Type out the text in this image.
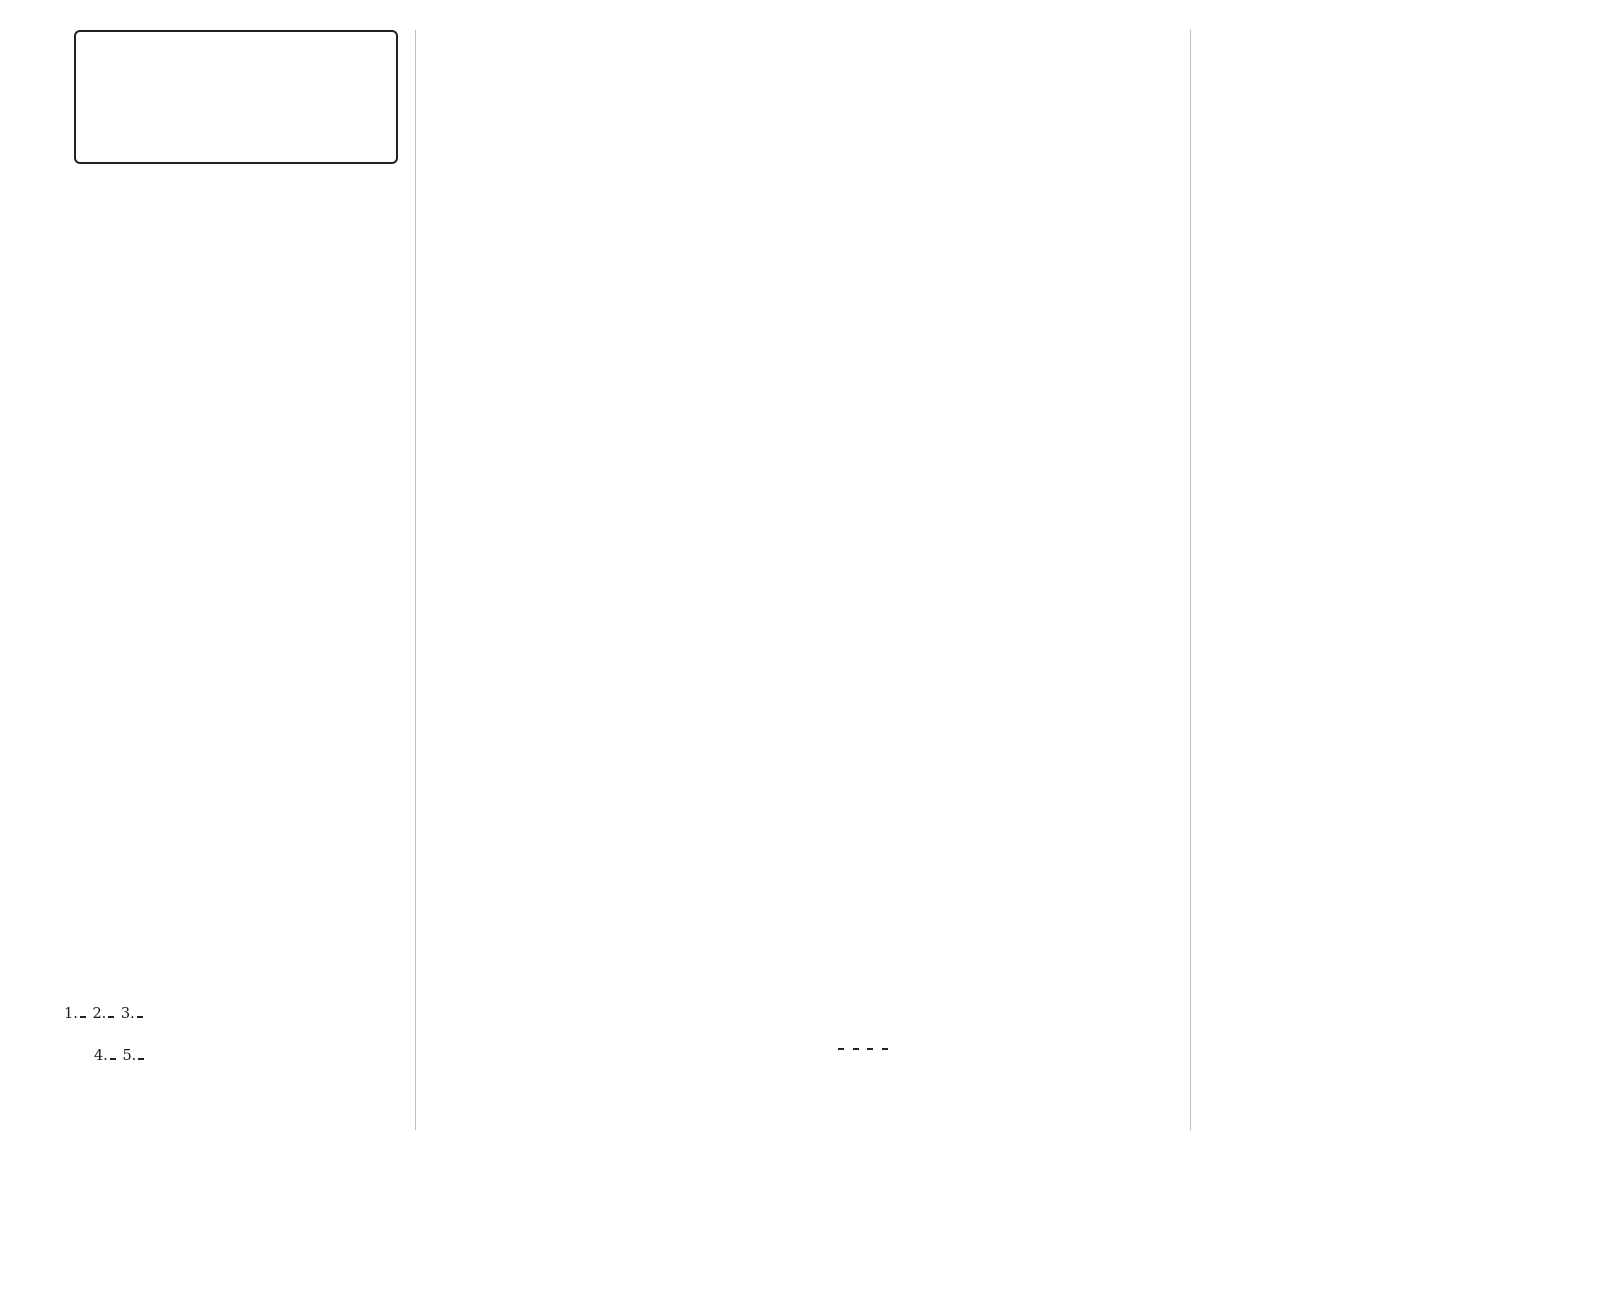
1. 2. 3.
4. 5.
